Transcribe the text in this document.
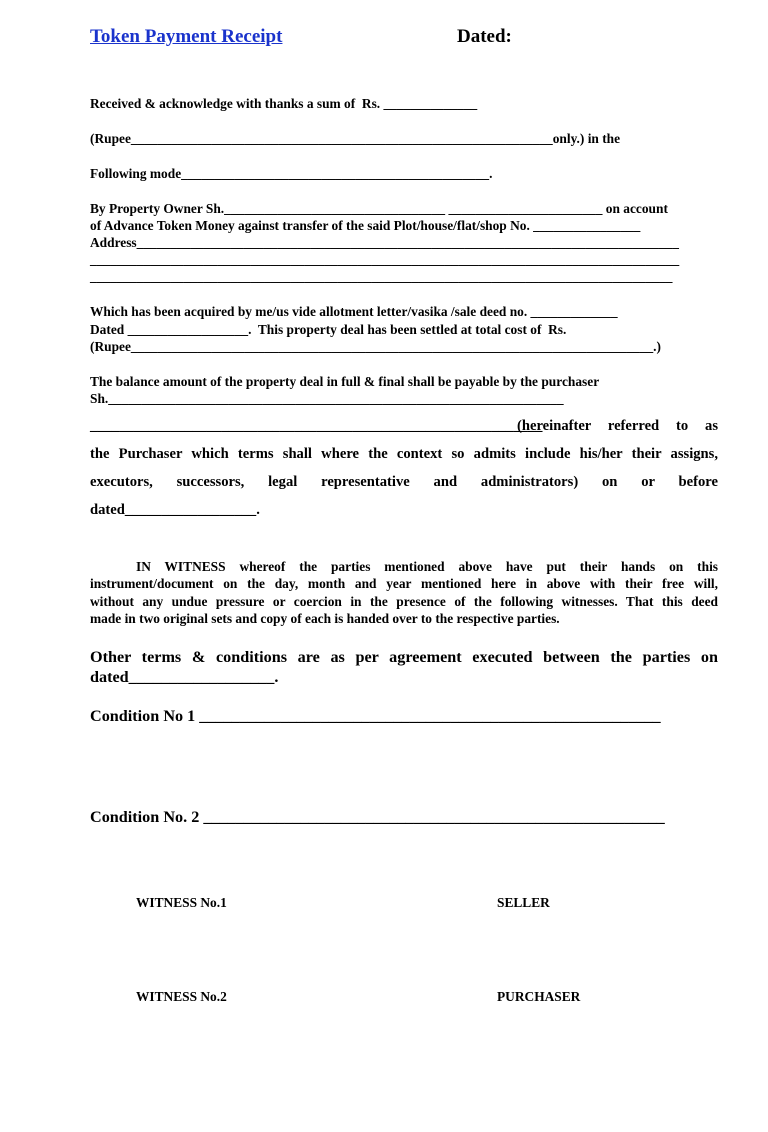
Token Payment Receipt	Dated:
Received & acknowledge with thanks a sum of  Rs. ______________
(Rupee_______________________________________________________________only.) in the
Following mode______________________________________________.
By Property Owner Sh._________________________________ _______________________ on account
of Advance Token Money against transfer of the said Plot/house/flat/shop No. ________________
Address_________________________________________________________________________________
________________________________________________________________________________________
_______________________________________________________________________________________
Which has been acquired by me/us vide allotment letter/vasika /sale deed no. _____________
Dated __________________.  This property deal has been settled at total cost of  Rs.
(Rupee______________________________________________________________________________.)
The balance amount of the property deal in full & final shall be payable by the purchaser
Sh.____________________________________________________________________
______________________________________________________________
(hereinafter referred to as
the Purchaser which terms shall where the context so admits include his/her their assigns,
executors, successors, legal representative and administrators) on or before
dated__________________.
IN WITNESS whereof the parties mentioned above have put their hands on this
instrument/document on the day, month and year mentioned here in above with their free will,
without any undue pressure or coercion in the presence of the following witnesses. That this deed
made in two original sets and copy of each is handed over to the respective parties.
Other terms & conditions are as per agreement executed between the parties on
dated__________________.
Condition No 1 _________________________________________________________
Condition No. 2 _________________________________________________________
WITNESS No.1	SELLER
WITNESS No.2	PURCHASER
